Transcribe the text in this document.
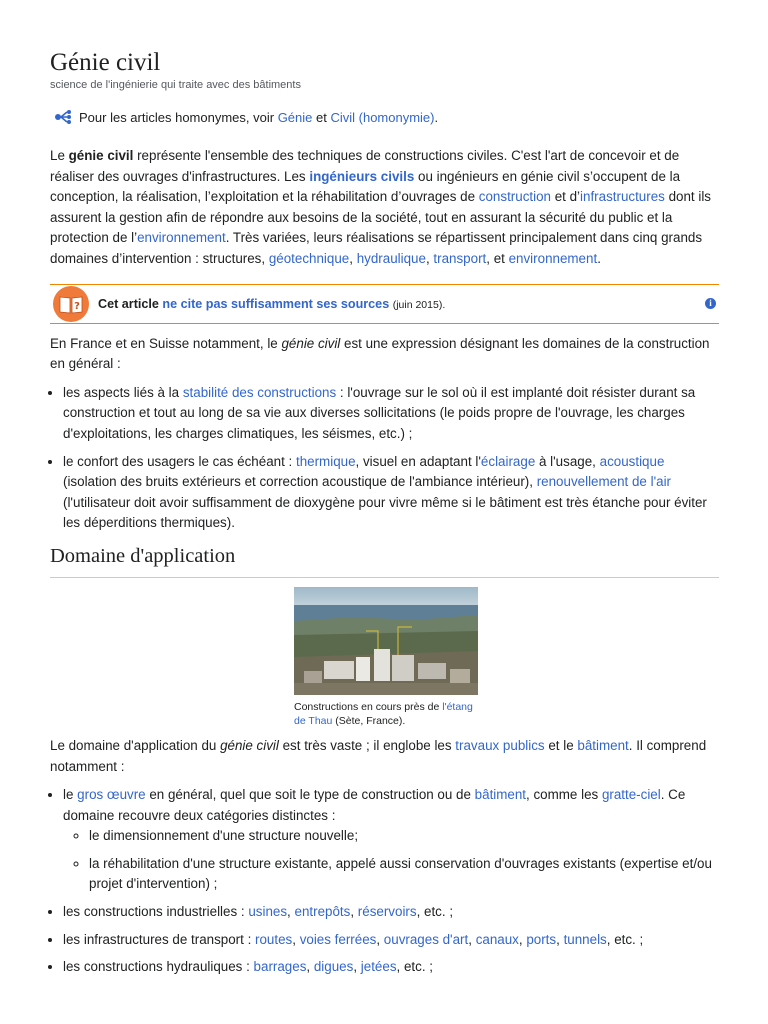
Génie civil
science de l'ingénierie qui traite avec des bâtiments
Pour les articles homonymes, voir Génie et Civil (homonymie).

Le génie civil représente l'ensemble des techniques de constructions civiles. C'est l'art de concevoir et de réaliser des ouvrages d'infrastructures. Les ingénieurs civils ou ingénieurs en génie civil s’occupent de la conception, la réalisation, l’exploitation et la réhabilitation d’ouvrages de construction et d’infrastructures dont ils assurent la gestion afin de répondre aux besoins de la société, tout en assurant la sécurité du public et la protection de l’environnement. Très variées, leurs réalisations se répartissent principalement dans cinq grands domaines d’intervention : structures, géotechnique, hydraulique, transport, et environnement.

? Cet article ne cite pas suffisamment ses sources (juin 2015).	i

En France et en Suisse notamment, le génie civil est une expression désignant les domaines de la construction en général :

• les aspects liés à la stabilité des constructions : l'ouvrage sur le sol où il est implanté doit résister durant sa construction et tout au long de sa vie aux diverses sollicitations (le poids propre de l'ouvrage, les charges d'exploitations, les charges climatiques, les séismes, etc.) ;
• le confort des usagers le cas échéant : thermique, visuel en adaptant l'éclairage à l'usage, acoustique (isolation des bruits extérieurs et correction acoustique de l'ambiance intérieur), renouvellement de l'air (l'utilisateur doit avoir suffisamment de dioxygène pour vivre même si le bâtiment est très étanche pour éviter les déperditions thermiques).
Domaine d'application
Constructions en cours près de l'étang de Thau (Sète, France).

Le domaine d'application du génie civil est très vaste ; il englobe les travaux publics et le bâtiment. Il comprend notamment :

• le gros œuvre en général, quel que soit le type de construction ou de bâtiment, comme les gratte-ciel. Ce domaine recouvre deux catégories distinctes :
◦ le dimensionnement d'une structure nouvelle;
◦ la réhabilitation d'une structure existante, appelé aussi conservation d'ouvrages existants (expertise et/ou projet d'intervention) ;
• les constructions industrielles : usines, entrepôts, réservoirs, etc. ;
• les infrastructures de transport : routes, voies ferrées, ouvrages d'art, canaux, ports, tunnels, etc. ;
• les constructions hydrauliques : barrages, digues, jetées, etc. ;
